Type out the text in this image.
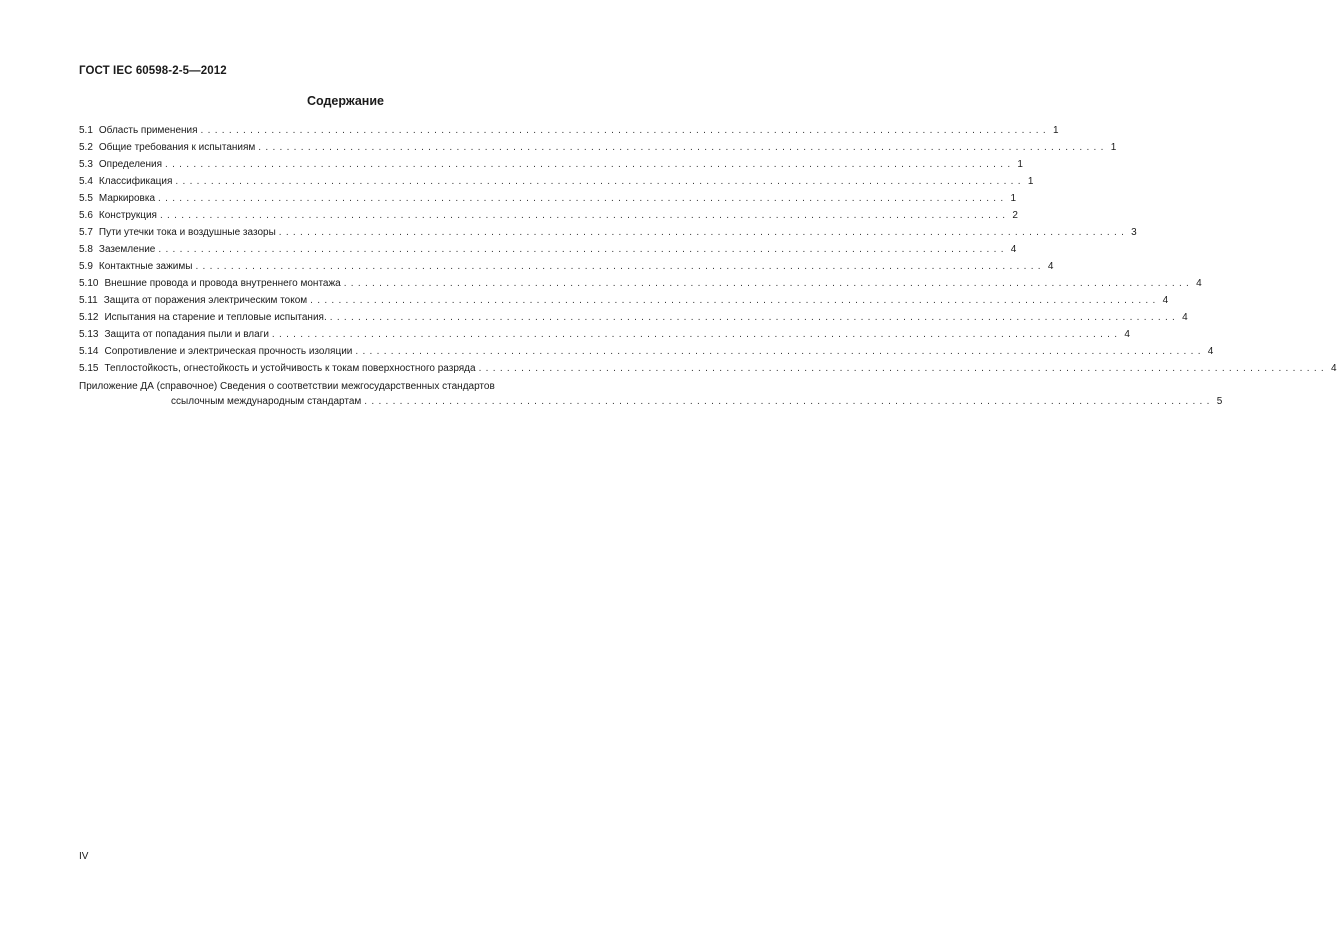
ГОСТ IEC 60598-2-5—2012
Содержание
5.1 Область применения ........................................................................................................................ 1
5.2 Общие требования к испытаниям ........................................................................................................................ 1
5.3 Определения ........................................................................................................................ 1
5.4 Классификация ........................................................................................................................ 1
5.5 Маркировка ........................................................................................................................ 1
5.6 Конструкция ........................................................................................................................ 2
5.7 Пути утечки тока и воздушные зазоры ........................................................................................................................ 3
5.8 Заземление ........................................................................................................................ 4
5.9 Контактные зажимы ........................................................................................................................ 4
5.10 Внешние провода и провода внутреннего монтажа ........................................................................................................................ 4
5.11 Защита от поражения электрическим током ........................................................................................................................ 4
5.12 Испытания на старение и тепловые испытания. ........................................................................................................................ 4
5.13 Защита от попадания пыли и влаги ........................................................................................................................ 4
5.14 Сопротивление и электрическая прочность изоляции ........................................................................................................................ 4
5.15 Теплостойкость, огнестойкость и устойчивость к токам поверхностного разряда ........................................................................................................................ 4
Приложение ДА (справочное) Сведения о соответствии межгосударственных стандартов
ссылочным международным стандартам ........................................................................................................................ 5
IV
